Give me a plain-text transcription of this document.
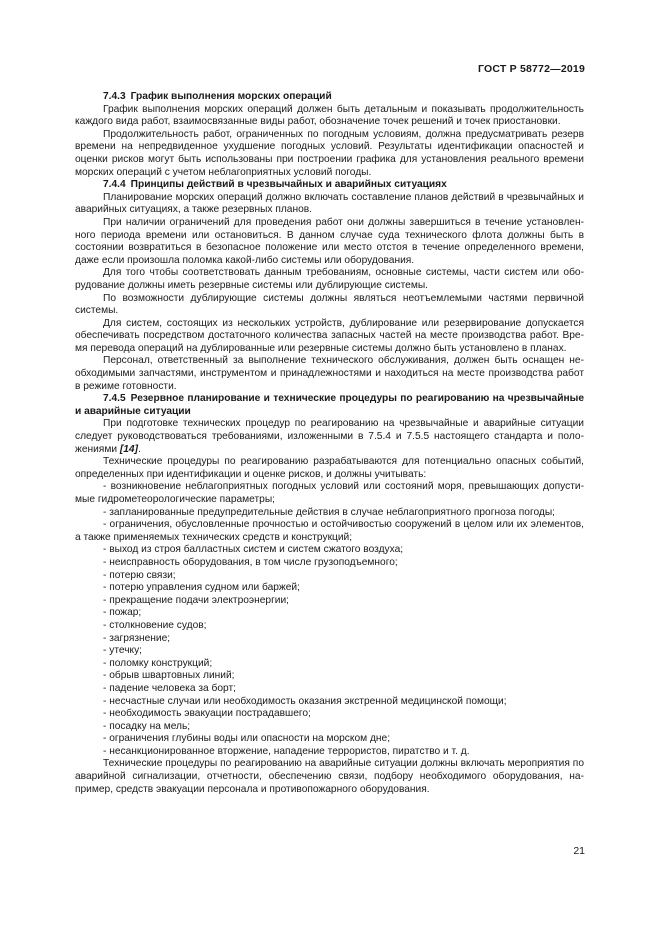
ГОСТ Р 58772—2019

7.4.3 График выполнения морских операций

График выполнения морских операций должен быть детальным и показывать продолжительность каждого вида работ, взаимосвязанные виды работ, обозначение точек решений и точек приостановки.

Продолжительность работ, ограниченных по погодным условиям, должна предусматривать резерв времени на непредвиденное ухудшение погодных условий. Результаты идентификации опасностей и оценки рисков могут быть использованы при построении графика для установления реального времени морских операций с учетом неблагоприятных условий погоды.

7.4.4 Принципы действий в чрезвычайных и аварийных ситуациях

Планирование морских операций должно включать составление планов действий в чрезвычайных и аварийных ситуациях, а также резервных планов.

При наличии ограничений для проведения работ они должны завершиться в течение установленного периода времени или остановиться. В данном случае суда технического флота должны быть в состоянии возвратиться в безопасное положение или место отстоя в течение определенного времени, даже если произошла поломка какой-либо системы или оборудования.

Для того чтобы соответствовать данным требованиям, основные системы, части систем или оборудование должны иметь резервные системы или дублирующие системы.

По возможности дублирующие системы должны являться неотъемлемыми частями первичной системы.

Для систем, состоящих из нескольких устройств, дублирование или резервирование допускается обеспечивать посредством достаточного количества запасных частей на месте производства работ. Время перевода операций на дублированные или резервные системы должно быть установлено в планах.

Персонал, ответственный за выполнение технического обслуживания, должен быть оснащен необходимыми запчастями, инструментом и принадлежностями и находиться на месте производства работ в режиме готовности.

7.4.5 Резервное планирование и технические процедуры по реагированию на чрезвычайные и аварийные ситуации

При подготовке технических процедур по реагированию на чрезвычайные и аварийные ситуации следует руководствоваться требованиями, изложенными в 7.5.4 и 7.5.5 настоящего стандарта и положениями [14].

Технические процедуры по реагированию разрабатываются для потенциально опасных событий, определенных при идентификации и оценке рисков, и должны учитывать:

- возникновение неблагоприятных погодных условий или состояний моря, превышающих допустимые гидрометеорологические параметры;

- запланированные предупредительные действия в случае неблагоприятного прогноза погоды;

- ограничения, обусловленные прочностью и остойчивостью сооружений в целом или их элементов, а также применяемых технических средств и конструкций;

- выход из строя балластных систем и систем сжатого воздуха;

- неисправность оборудования, в том числе грузоподъемного;

- потерю связи;

- потерю управления судном или баржей;

- прекращение подачи электроэнергии;

- пожар;

- столкновение судов;

- загрязнение;

- утечку;

- поломку конструкций;

- обрыв швартовных линий;

- падение человека за борт;

- несчастные случаи или необходимость оказания экстренной медицинской помощи;

- необходимость эвакуации пострадавшего;

- посадку на мель;

- ограничения глубины воды или опасности на морском дне;

- несанкционированное вторжение, нападение террористов, пиратство и т. д.

Технические процедуры по реагированию на аварийные ситуации должны включать мероприятия по аварийной сигнализации, отчетности, обеспечению связи, подбору необходимого оборудования, например, средств эвакуации персонала и противопожарного оборудования.

21
